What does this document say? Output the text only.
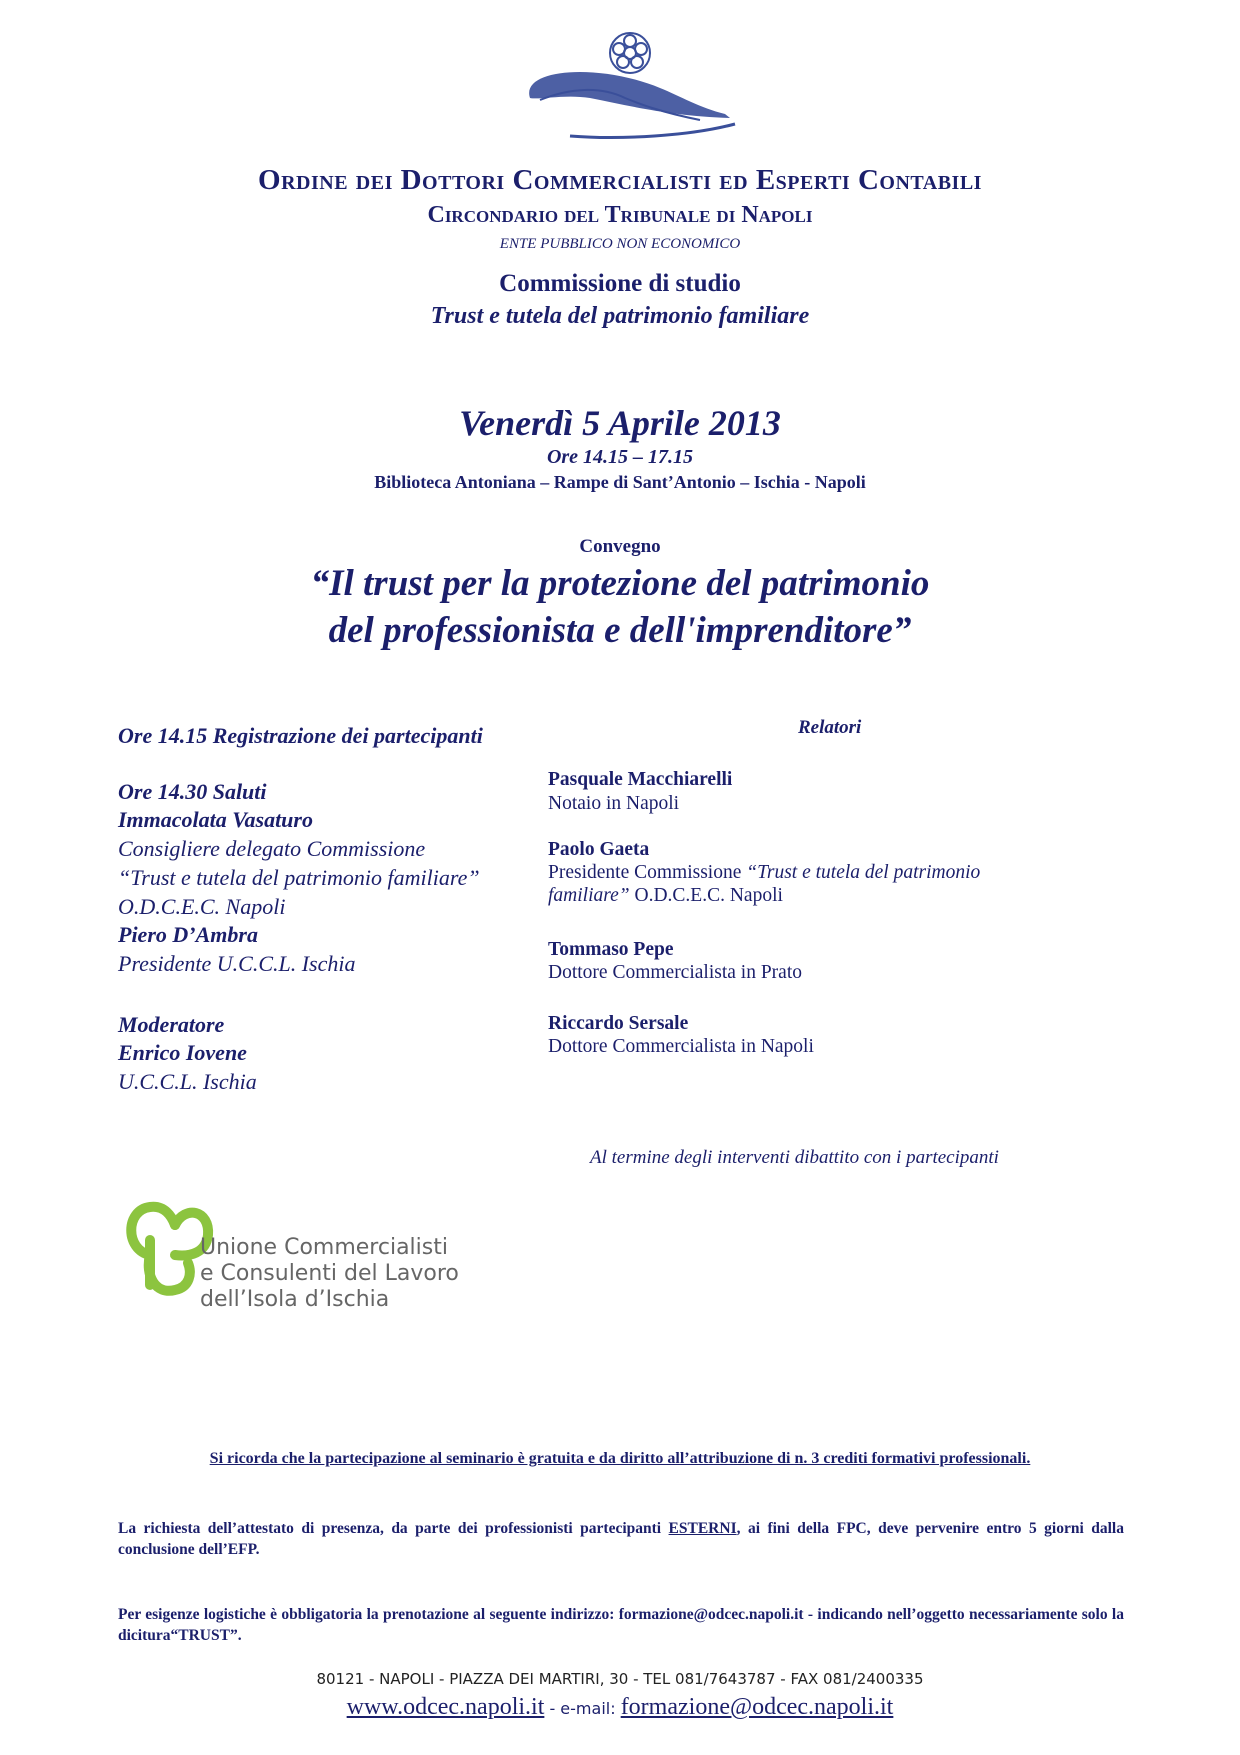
Ordine dei Dottori Commercialisti ed Esperti Contabili
Circondario del Tribunale di Napoli
ENTE PUBBLICO NON ECONOMICO
Commissione di studio
Trust e tutela del patrimonio familiare
Venerdì 5 Aprile 2013
Ore 14.15 – 17.15
Biblioteca Antoniana – Rampe di Sant’Antonio – Ischia - Napoli
Convegno
“Il trust per la protezione del patrimonio
del professionista e dell'imprenditore”
Ore 14.15 Registrazione dei partecipanti
Ore 14.30 Saluti
Immacolata Vasaturo
Consigliere delegato Commissione
“Trust e tutela del patrimonio familiare”
O.D.C.E.C. Napoli
Piero D’Ambra
Presidente U.C.C.L. Ischia
Moderatore
Enrico Iovene
U.C.C.L. Ischia
Relatori
Pasquale Macchiarelli
Notaio in Napoli
Paolo Gaeta
Presidente Commissione “Trust e tutela del patrimonio
familiare” O.D.C.E.C. Napoli
Tommaso Pepe
Dottore Commercialista in Prato
Riccardo Sersale
Dottore Commercialista in Napoli
Al termine degli interventi dibattito con i partecipanti
Unione Commercialisti
e Consulenti del Lavoro
dell’Isola d’Ischia
Si ricorda che la partecipazione al seminario è gratuita e da diritto all’attribuzione di n. 3 crediti formativi professionali.
La richiesta dell’attestato di presenza, da parte dei professionisti partecipanti ESTERNI, ai fini della FPC, deve pervenire entro 5 giorni dalla conclusione dell’EFP.
Per esigenze logistiche è obbligatoria la prenotazione al seguente indirizzo: formazione@odcec.napoli.it - indicando nell’oggetto necessariamente solo la dicitura“TRUST”.
80121 - NAPOLI - PIAZZA DEI MARTIRI, 30 - TEL 081/7643787 - FAX 081/2400335
www.odcec.napoli.it - e-mail: formazione@odcec.napoli.it
